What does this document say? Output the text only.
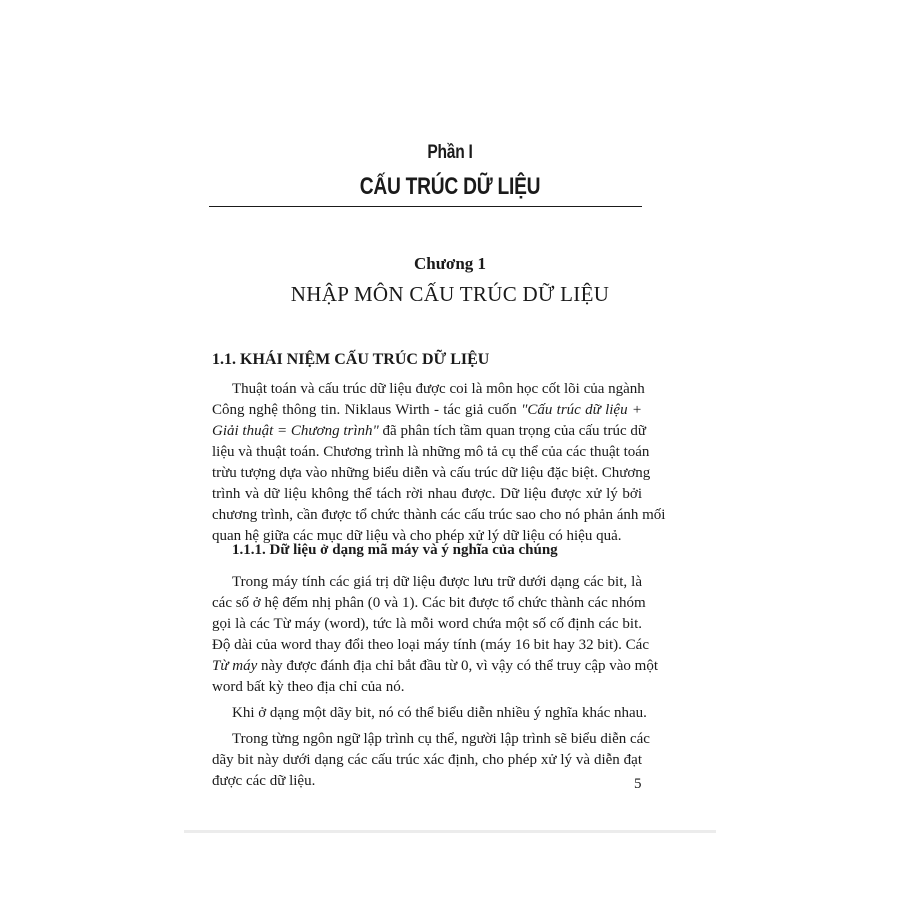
Phần I
CẤU TRÚC DỮ LIỆU
Chương 1
NHẬP MÔN CẤU TRÚC DỮ LIỆU
1.1. KHÁI NIỆM CẤU TRÚC DỮ LIỆU
Thuật toán và cấu trúc dữ liệu được coi là môn học cốt lõi của ngành
Công nghệ thông tin. Niklaus Wirth - tác giả cuốn "Cấu trúc dữ liệu +
Giải thuật = Chương trình" đã phân tích tầm quan trọng của cấu trúc dữ
liệu và thuật toán. Chương trình là những mô tả cụ thể của các thuật toán
trừu tượng dựa vào những biểu diễn và cấu trúc dữ liệu đặc biệt. Chương
trình và dữ liệu không thể tách rời nhau được. Dữ liệu được xử lý bởi
chương trình, cần được tổ chức thành các cấu trúc sao cho nó phản ánh mối
quan hệ giữa các mục dữ liệu và cho phép xử lý dữ liệu có hiệu quả.
1.1.1. Dữ liệu ở dạng mã máy và ý nghĩa của chúng
Trong máy tính các giá trị dữ liệu được lưu trữ dưới dạng các bit, là
các số ở hệ đếm nhị phân (0 và 1). Các bit được tổ chức thành các nhóm
gọi là các Từ máy (word), tức là mỗi word chứa một số cố định các bit.
Độ dài của word thay đổi theo loại máy tính (máy 16 bit hay 32 bit). Các
Từ máy này được đánh địa chỉ bắt đầu từ 0, vì vậy có thể truy cập vào một
word bất kỳ theo địa chỉ của nó.
Khi ở dạng một dãy bit, nó có thể biểu diễn nhiều ý nghĩa khác nhau.
Trong từng ngôn ngữ lập trình cụ thể, người lập trình sẽ biểu diễn các
dãy bit này dưới dạng các cấu trúc xác định, cho phép xử lý và diễn đạt
được các dữ liệu.	5
